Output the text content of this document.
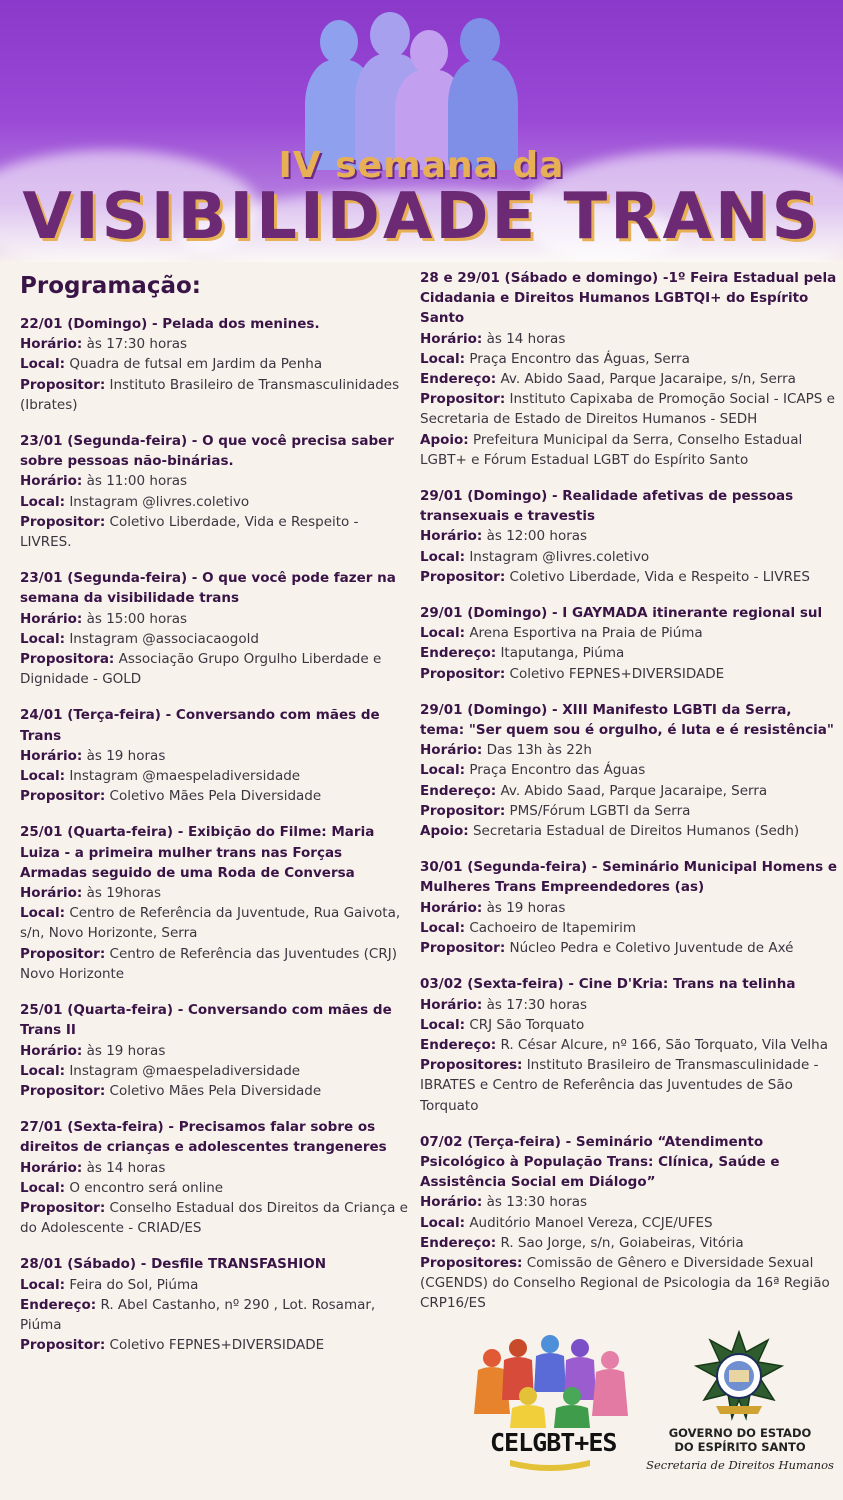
IV semana da
VISIBILIDADE TRANS
Programação:
22/01 (Domingo) - Pelada dos menines.
Horário: às 17:30 horas
Local: Quadra de futsal em Jardim da Penha
Propositor: Instituto Brasileiro de Transmasculinidades (Ibrates)
23/01 (Segunda-feira) - O que você precisa saber sobre pessoas não-binárias.
Horário: às 11:00 horas
Local: Instagram @livres.coletivo
Propositor: Coletivo Liberdade, Vida e Respeito - LIVRES.
23/01 (Segunda-feira) - O que você pode fazer na semana da visibilidade trans
Horário: às 15:00 horas
Local: Instagram @associacaogold
Propositora: Associação Grupo Orgulho Liberdade e Dignidade - GOLD
24/01 (Terça-feira) - Conversando com mães de Trans
Horário: às 19 horas
Local: Instagram @maespeladiversidade
Propositor: Coletivo Mães Pela Diversidade
25/01 (Quarta-feira) - Exibição do Filme: Maria Luiza - a primeira mulher trans nas Forças Armadas seguido de uma Roda de Conversa
Horário: às 19horas
Local: Centro de Referência da Juventude, Rua Gaivota, s/n, Novo Horizonte, Serra
Propositor: Centro de Referência das Juventudes (CRJ) Novo Horizonte
25/01 (Quarta-feira) - Conversando com mães de Trans II
Horário: às 19 horas
Local: Instagram @maespeladiversidade
Propositor: Coletivo Mães Pela Diversidade
27/01 (Sexta-feira) - Precisamos falar sobre os direitos de crianças e adolescentes trangeneres
Horário: às 14 horas
Local: O encontro será online
Propositor: Conselho Estadual dos Direitos da Criança e do Adolescente - CRIAD/ES
28/01 (Sábado) - Desfile TRANSFASHION
Local: Feira do Sol, Piúma
Endereço: R. Abel Castanho, nº 290 , Lot. Rosamar, Piúma
Propositor: Coletivo FEPNES+DIVERSIDADE
28 e 29/01 (Sábado e domingo) -1º Feira Estadual pela Cidadania e Direitos Humanos LGBTQI+ do Espírito Santo
Horário: às 14 horas
Local: Praça Encontro das Águas, Serra
Endereço: Av. Abido Saad, Parque Jacaraipe, s/n, Serra
Propositor: Instituto Capixaba de Promoção Social - ICAPS e Secretaria de Estado de Direitos Humanos - SEDH
Apoio: Prefeitura Municipal da Serra, Conselho Estadual LGBT+ e Fórum Estadual LGBT do Espírito Santo
29/01 (Domingo) - Realidade afetivas de pessoas transexuais e travestis
Horário: às 12:00 horas
Local: Instagram @livres.coletivo
Propositor: Coletivo Liberdade, Vida e Respeito - LIVRES
29/01 (Domingo) - I GAYMADA itinerante regional sul
Local: Arena Esportiva na Praia de Piúma
Endereço: Itaputanga, Piúma
Propositor: Coletivo FEPNES+DIVERSIDADE
29/01 (Domingo) - XIII Manifesto LGBTI da Serra, tema: "Ser quem sou é orgulho, é luta e é resistência"
Horário: Das 13h às 22h
Local: Praça Encontro das Águas
Endereço: Av. Abido Saad, Parque Jacaraipe, Serra
Propositor: PMS/Fórum LGBTI da Serra
Apoio: Secretaria Estadual de Direitos Humanos (Sedh)
30/01 (Segunda-feira) - Seminário Municipal Homens e Mulheres Trans Empreendedores (as)
Horário: às 19 horas
Local: Cachoeiro de Itapemirim
Propositor: Núcleo Pedra e Coletivo Juventude de Axé
03/02 (Sexta-feira) - Cine D'Kria: Trans na telinha
Horário: às 17:30 horas
Local: CRJ São Torquato
Endereço: R. César Alcure, nº 166, São Torquato, Vila Velha
Propositores: Instituto Brasileiro de Transmasculinidade - IBRATES e Centro de Referência das Juventudes de São Torquato
07/02 (Terça-feira) - Seminário “Atendimento Psicológico à População Trans: Clínica, Saúde e Assistência Social em Diálogo”
Horário: às 13:30 horas
Local: Auditório Manoel Vereza, CCJE/UFES
Endereço: R. Sao Jorge, s/n, Goiabeiras, Vitória
Propositores: Comissão de Gênero e Diversidade Sexual (CGENDS) do Conselho Regional de Psicologia da 16ª Região CRP16/ES
CELGBT+ES	GOVERNO DO ESTADO
DO ESPÍRITO SANTO
Secretaria de Direitos Humanos
